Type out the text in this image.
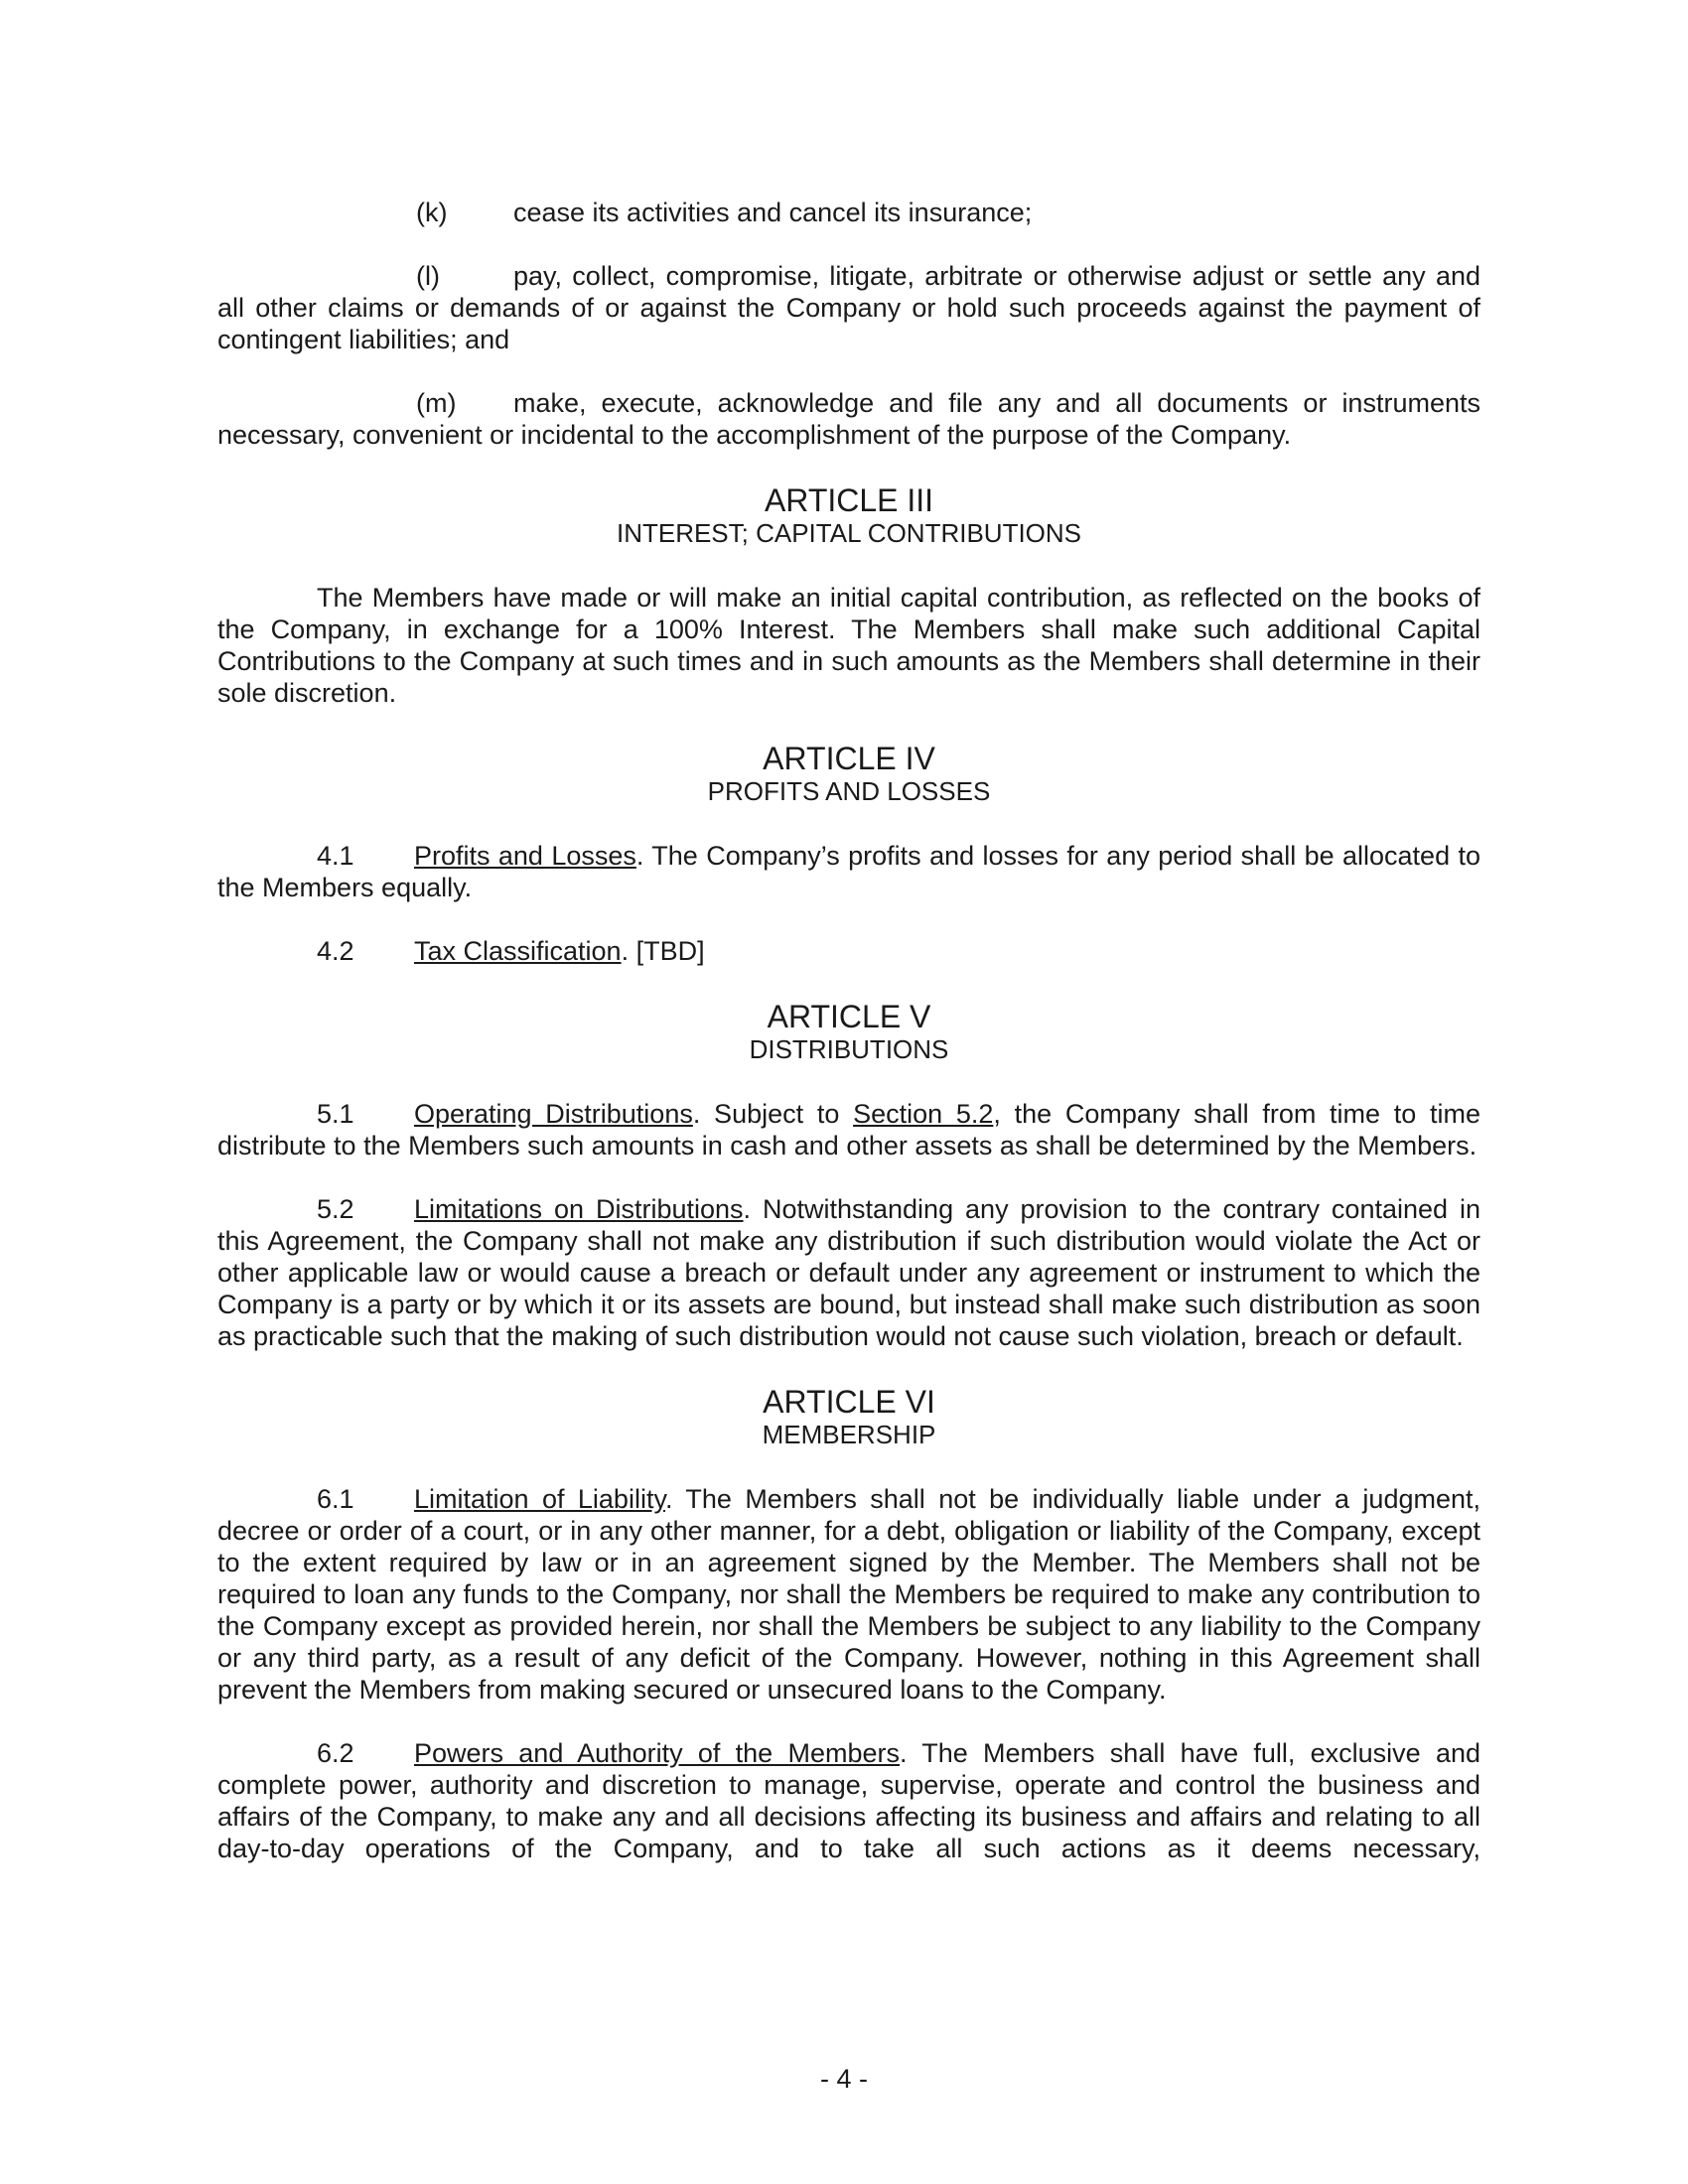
(k) cease its activities and cancel its insurance;

(l)	pay, collect, compromise, litigate, arbitrate or otherwise adjust or settle any and all other claims or demands of or against the Company or hold such proceeds against the payment of contingent liabilities; and

(m) make, execute, acknowledge and file any and all documents or instruments necessary, convenient or incidental to the accomplishment of the purpose of the Company.

ARTICLE III
INTEREST; CAPITAL CONTRIBUTIONS

The Members have made or will make an initial capital contribution, as reflected on the books of the Company, in exchange for a 100% Interest. The Members shall make such additional Capital Contributions to the Company at such times and in such amounts as the Members shall determine in their sole discretion.

ARTICLE IV
PROFITS AND LOSSES

4.1 Profits and Losses. The Company’s profits and losses for any period shall be allocated to the Members equally.

4.2 Tax Classification. [TBD]

ARTICLE V
DISTRIBUTIONS

5.1 Operating Distributions. Subject to Section 5.2, the Company shall from time to time distribute to the Members such amounts in cash and other assets as shall be determined by the Members.

5.2 Limitations on Distributions. Notwithstanding any provision to the contrary contained in this Agreement, the Company shall not make any distribution if such distribution would violate the Act or other applicable law or would cause a breach or default under any agreement or instrument to which the Company is a party or by which it or its assets are bound, but instead shall make such distribution as soon as practicable such that the making of such distribution would not cause such violation, breach or default.

ARTICLE VI
MEMBERSHIP

6.1 Limitation of Liability. The Members shall not be individually liable under a judgment, decree or order of a court, or in any other manner, for a debt, obligation or liability of the Company, except to the extent required by law or in an agreement signed by the Member. The Members shall not be required to loan any funds to the Company, nor shall the Members be required to make any contribution to the Company except as provided herein, nor shall the Members be subject to any liability to the Company or any third party, as a result of any deficit of the Company. However, nothing in this Agreement shall prevent the Members from making secured or unsecured loans to the Company.

6.2 Powers and Authority of the Members. The Members shall have full, exclusive and complete power, authority and discretion to manage, supervise, operate and control the business and affairs of the Company, to make any and all decisions affecting its business and affairs and relating to all day-to-day operations of the Company, and to take all such actions as it deems necessary,

- 4 -
